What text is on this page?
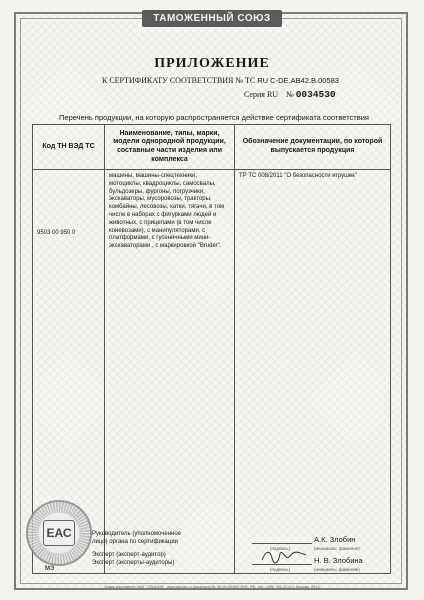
ТАМОЖЕННЫЙ СОЮЗ
ПРИЛОЖЕНИЕ
К СЕРТИФИКАТУ СООТВЕТСТВИЯ № ТС RU C-DE.AB42.B.00583
Серия RU № 0034530
Перечень продукции, на которую распространяется действие сертификата соответствия
Код ТН ВЭД ТС	Наименование, типы, марки, модели однородной продукции, составные части изделия или комплекса	Обозначение документации, по которой выпускается продукция
9503 00 950 0	машины, машины-спецтехники, мотоциклы, квадроциклы, самосвалы, бульдозеры, фургоны, погрузчики, экскаваторы, мусоровозы, тракторы, комбайны, лесовозы, катки, тягачи, в том числе в наборах с фигурками людей и животных, с прицепами (в том числе коневозами), с манипуляторами, с платформами, с гусеничными мини-экскаваторами , с маркировкой "Bruder".	ТР ТС 008/2011 "О безопасности игрушек"
ЕАС
МЭ
Руководитель (уполномоченное
лицо) органа по сертификации
(подпись)
А.К. Злобин
(инициалы, фамилия)
Эксперт (эксперт-аудитор)
Эксперт (эксперты-аудиторы)
(подпись)
Н. В. Злобина
(инициалы, фамилия)
Бланк изготовлен ЗАО "ОПЦИОН", www.opcion.ru (лицензия № 05-05-09/003 ФНС РФ, тел. (495) 726-47-42), Москва, 2013
